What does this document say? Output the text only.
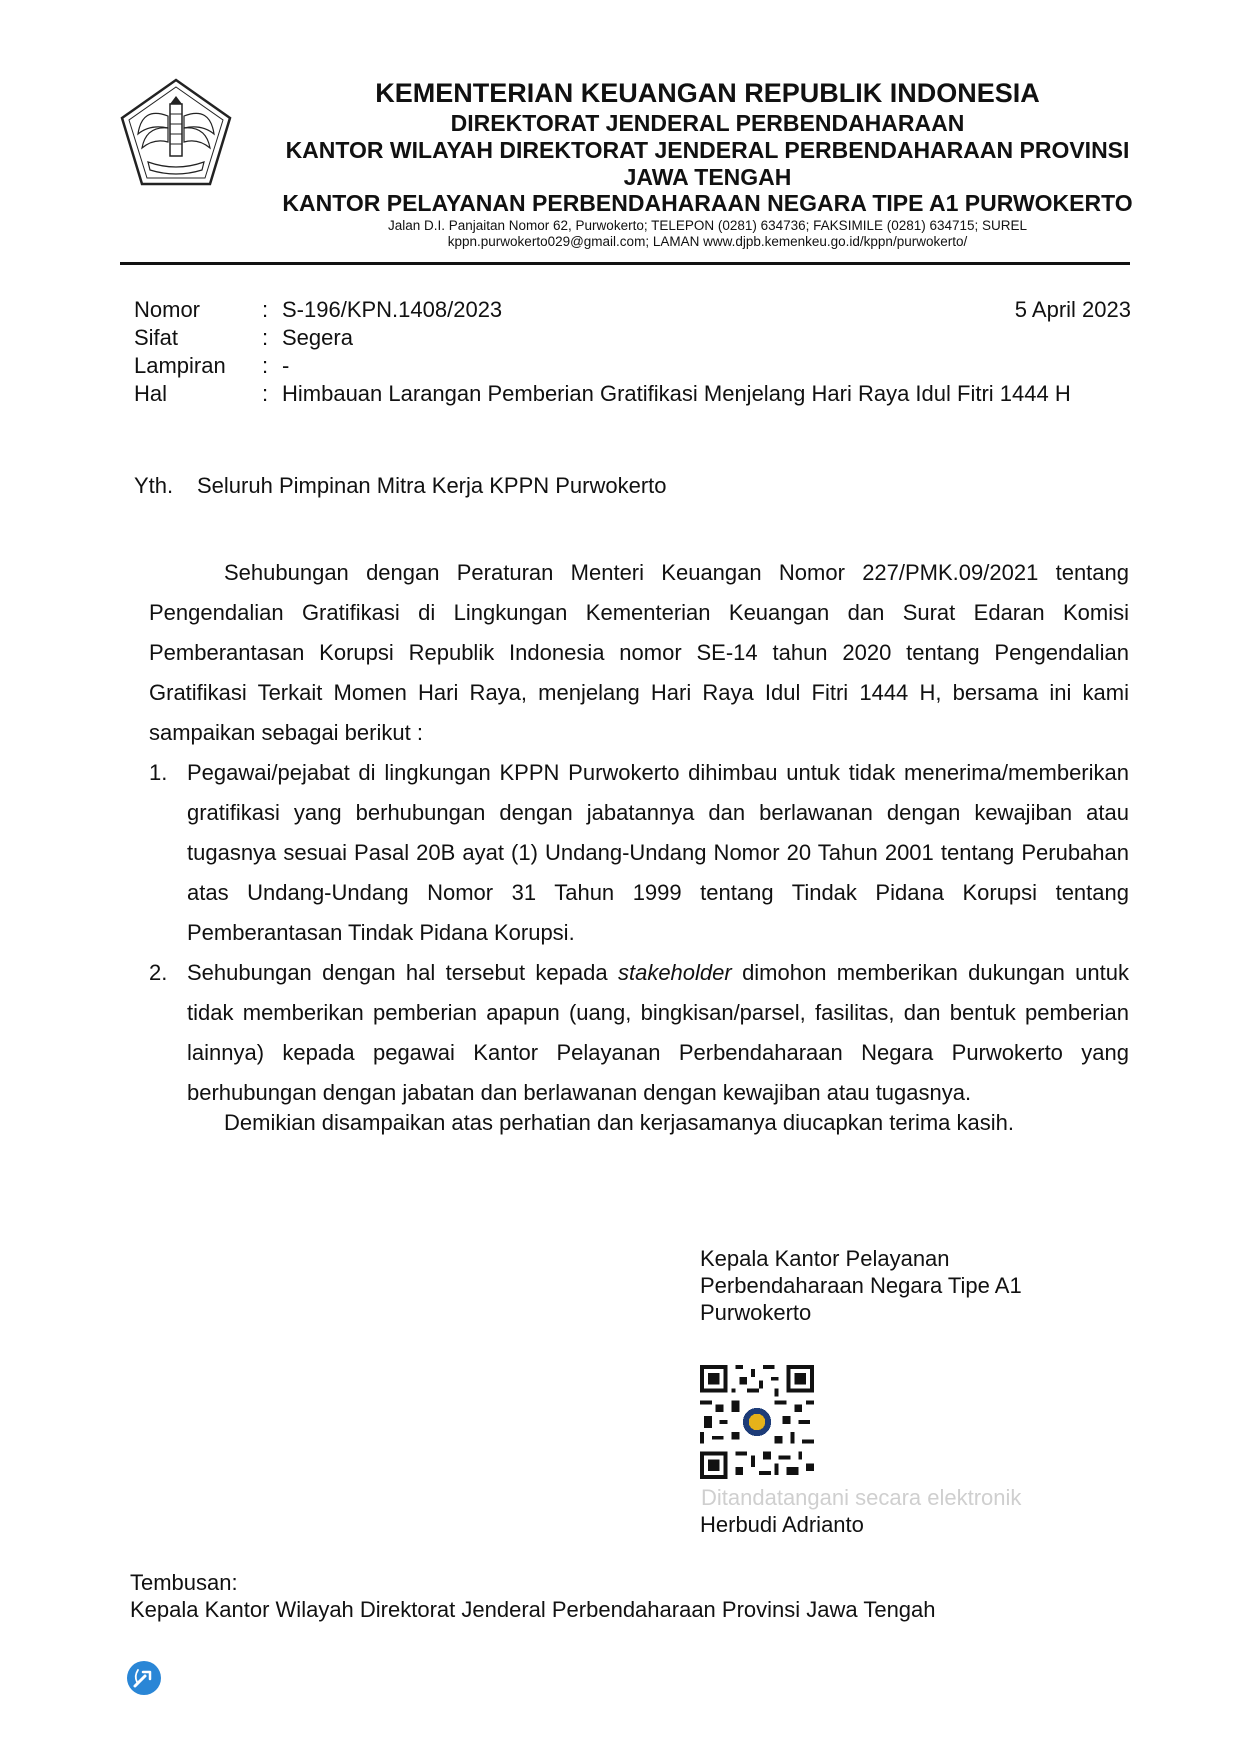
KEMENTERIAN KEUANGAN REPUBLIK INDONESIA
DIREKTORAT JENDERAL PERBENDAHARAAN
KANTOR WILAYAH DIREKTORAT JENDERAL PERBENDAHARAAN PROVINSI
JAWA TENGAH
KANTOR PELAYANAN PERBENDAHARAAN NEGARA TIPE A1 PURWOKERTO
Jalan D.I. Panjaitan Nomor 62, Purwokerto; TELEPON (0281) 634736; FAKSIMILE (0281) 634715; SUREL
kppn.purwokerto029@gmail.com; LAMAN www.djpb.kemenkeu.go.id/kppn/purwokerto/
Nomor	: S-196/KPN.1408/2023
Sifat	: Segera
Lampiran : -
Hal	: Himbauan Larangan Pemberian Gratifikasi Menjelang Hari Raya Idul Fitri 1444 H
5 April 2023
Yth. Seluruh Pimpinan Mitra Kerja KPPN Purwokerto

Sehubungan dengan Peraturan Menteri Keuangan Nomor 227/PMK.09/2021 tentang Pengendalian Gratifikasi di Lingkungan Kementerian Keuangan dan Surat Edaran Komisi Pemberantasan Korupsi Republik Indonesia nomor SE-14 tahun 2020 tentang Pengendalian Gratifikasi Terkait Momen Hari Raya, menjelang Hari Raya Idul Fitri 1444 H, bersama ini kami sampaikan sebagai berikut :

1. Pegawai/pejabat di lingkungan KPPN Purwokerto dihimbau untuk tidak menerima/memberikan gratifikasi yang berhubungan dengan jabatannya dan berlawanan dengan kewajiban atau tugasnya sesuai Pasal 20B ayat (1) Undang-Undang Nomor 20 Tahun 2001 tentang Perubahan atas Undang-Undang Nomor 31 Tahun 1999 tentang Tindak Pidana Korupsi tentang Pemberantasan Tindak Pidana Korupsi.
2. Sehubungan dengan hal tersebut kepada stakeholder dimohon memberikan dukungan untuk tidak memberikan pemberian apapun (uang, bingkisan/parsel, fasilitas, dan bentuk pemberian lainnya) kepada pegawai Kantor Pelayanan Perbendaharaan Negara Purwokerto yang berhubungan dengan jabatan dan berlawanan dengan kewajiban atau tugasnya.
Demikian disampaikan atas perhatian dan kerjasamanya diucapkan terima kasih.
Kepala Kantor Pelayanan
Perbendaharaan Negara Tipe A1
Purwokerto
Ditandatangani secara elektronik
Herbudi Adrianto
Tembusan:
Kepala Kantor Wilayah Direktorat Jenderal Perbendaharaan Provinsi Jawa Tengah
